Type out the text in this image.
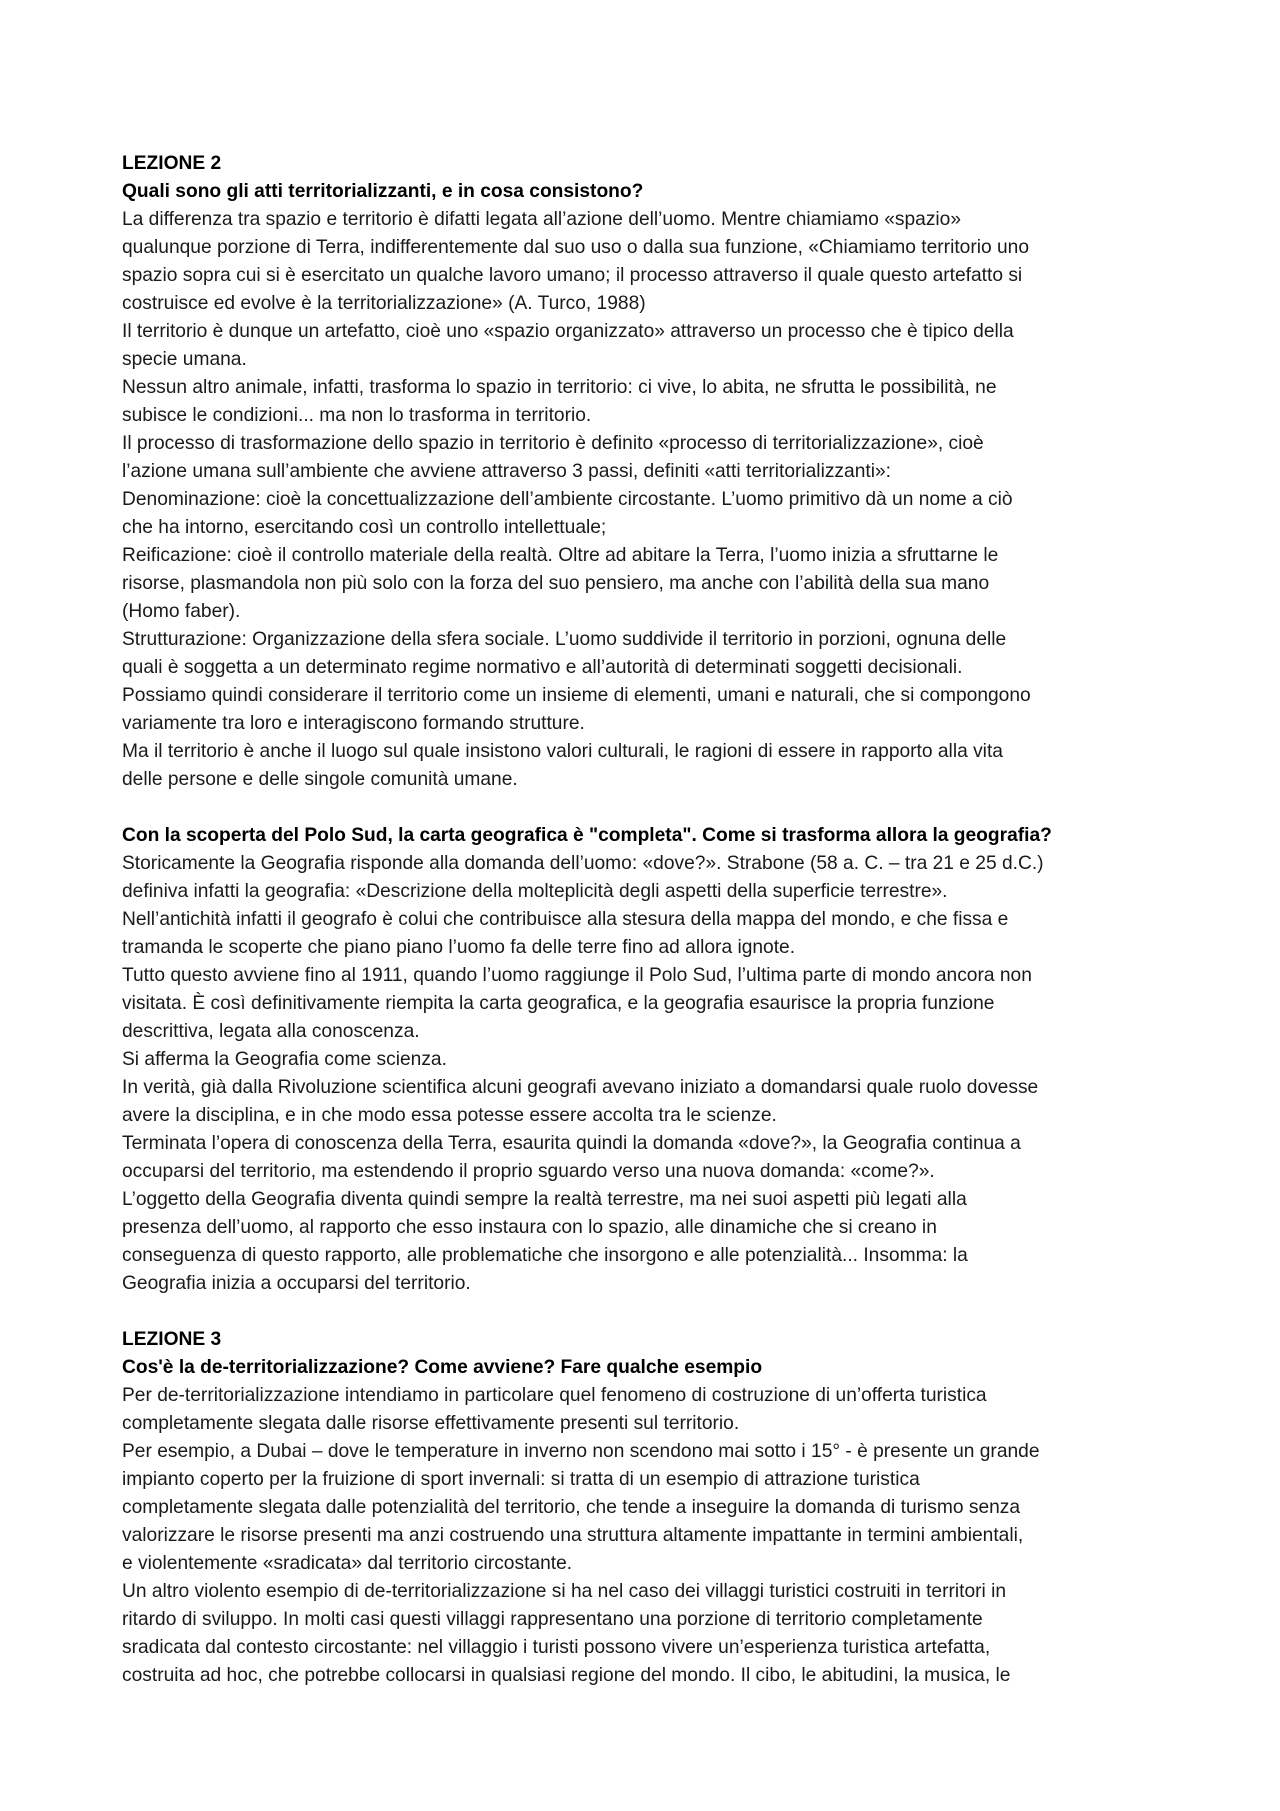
LEZIONE 2
Quali sono gli atti territorializzanti, e in cosa consistono?
La differenza tra spazio e territorio è difatti legata all’azione dell’uomo. Mentre chiamiamo «spazio»
qualunque porzione di Terra, indifferentemente dal suo uso o dalla sua funzione, «Chiamiamo territorio uno
spazio sopra cui si è esercitato un qualche lavoro umano; il processo attraverso il quale questo artefatto si
costruisce ed evolve è la territorializzazione» (A. Turco, 1988)
Il territorio è dunque un artefatto, cioè uno «spazio organizzato» attraverso un processo che è tipico della
specie umana.
Nessun altro animale, infatti, trasforma lo spazio in territorio: ci vive, lo abita, ne sfrutta le possibilità, ne
subisce le condizioni... ma non lo trasforma in territorio.
Il processo di trasformazione dello spazio in territorio è definito «processo di territorializzazione», cioè
l’azione umana sull’ambiente che avviene attraverso 3 passi, definiti «atti territorializzanti»:
Denominazione: cioè la concettualizzazione dell’ambiente circostante. L’uomo primitivo dà un nome a ciò
che ha intorno, esercitando così un controllo intellettuale;
Reificazione: cioè il controllo materiale della realtà. Oltre ad abitare la Terra, l’uomo inizia a sfruttarne le
risorse, plasmandola non più solo con la forza del suo pensiero, ma anche con l’abilità della sua mano
(Homo faber).
Strutturazione: Organizzazione della sfera sociale. L’uomo suddivide il territorio in porzioni, ognuna delle
quali è soggetta a un determinato regime normativo e all’autorità di determinati soggetti decisionali.
Possiamo quindi considerare il territorio come un insieme di elementi, umani e naturali, che si compongono
variamente tra loro e interagiscono formando strutture.
Ma il territorio è anche il luogo sul quale insistono valori culturali, le ragioni di essere in rapporto alla vita
delle persone e delle singole comunità umane.
Con la scoperta del Polo Sud, la carta geografica è "completa". Come si trasforma allora la geografia?
Storicamente la Geografia risponde alla domanda dell’uomo: «dove?». Strabone (58 a. C. – tra 21 e 25 d.C.)
definiva infatti la geografia: «Descrizione della molteplicità degli aspetti della superficie terrestre».
Nell’antichità infatti il geografo è colui che contribuisce alla stesura della mappa del mondo, e che fissa e
tramanda le scoperte che piano piano l’uomo fa delle terre fino ad allora ignote.
Tutto questo avviene fino al 1911, quando l’uomo raggiunge il Polo Sud, l’ultima parte di mondo ancora non
visitata. È così definitivamente riempita la carta geografica, e la geografia esaurisce la propria funzione
descrittiva, legata alla conoscenza.
Si afferma la Geografia come scienza.
In verità, già dalla Rivoluzione scientifica alcuni geografi avevano iniziato a domandarsi quale ruolo dovesse
avere la disciplina, e in che modo essa potesse essere accolta tra le scienze.
Terminata l’opera di conoscenza della Terra, esaurita quindi la domanda «dove?», la Geografia continua a
occuparsi del territorio, ma estendendo il proprio sguardo verso una nuova domanda: «come?».
L’oggetto della Geografia diventa quindi sempre la realtà terrestre, ma nei suoi aspetti più legati alla
presenza dell’uomo, al rapporto che esso instaura con lo spazio, alle dinamiche che si creano in
conseguenza di questo rapporto, alle problematiche che insorgono e alle potenzialità... Insomma: la
Geografia inizia a occuparsi del territorio.
LEZIONE 3
Cos'è la de-territorializzazione? Come avviene? Fare qualche esempio
Per de-territorializzazione intendiamo in particolare quel fenomeno di costruzione di un’offerta turistica
completamente slegata dalle risorse effettivamente presenti sul territorio.
Per esempio, a Dubai – dove le temperature in inverno non scendono mai sotto i 15° - è presente un grande
impianto coperto per la fruizione di sport invernali: si tratta di un esempio di attrazione turistica
completamente slegata dalle potenzialità del territorio, che tende a inseguire la domanda di turismo senza
valorizzare le risorse presenti ma anzi costruendo una struttura altamente impattante in termini ambientali,
e violentemente «sradicata» dal territorio circostante.
Un altro violento esempio di de-territorializzazione si ha nel caso dei villaggi turistici costruiti in territori in
ritardo di sviluppo. In molti casi questi villaggi rappresentano una porzione di territorio completamente
sradicata dal contesto circostante: nel villaggio i turisti possono vivere un’esperienza turistica artefatta,
costruita ad hoc, che potrebbe collocarsi in qualsiasi regione del mondo. Il cibo, le abitudini, la musica, le
